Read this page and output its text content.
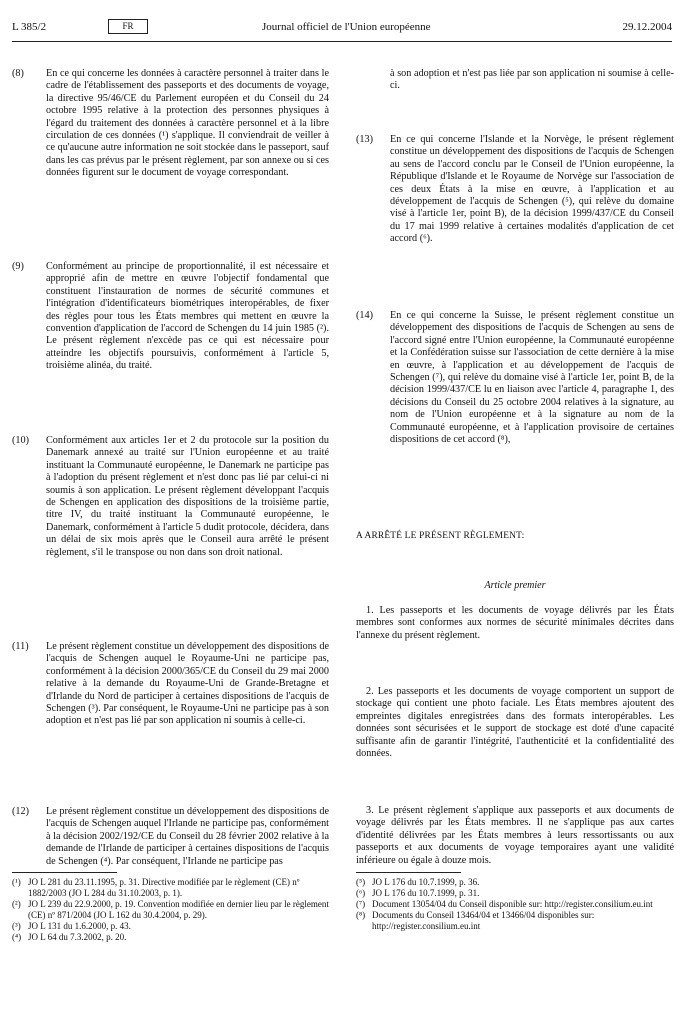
L 385/2	FR	Journal officiel de l'Union européenne	29.12.2004
(8) En ce qui concerne les données à caractère personnel à traiter dans le cadre de l'établissement des passeports et des documents de voyage, la directive 95/46/CE du Parlement européen et du Conseil du 24 octobre 1995 relative à la protection des personnes physiques à l'égard du traitement des données à caractère personnel et à la libre circulation de ces données (¹) s'applique. Il conviendrait de veiller à ce qu'aucune autre information ne soit stockée dans le passeport, sauf dans les cas prévus par le présent règlement, par son annexe ou si ces données figurent sur le document de voyage correspondant.
(9) Conformément au principe de proportionnalité, il est nécessaire et approprié afin de mettre en œuvre l'objectif fondamental que constituent l'instauration de normes de sécurité communes et l'intégration d'identificateurs biométriques interopérables, de fixer des règles pour tous les États membres qui mettent en œuvre la convention d'application de l'accord de Schengen du 14 juin 1985 (²). Le présent règlement n'excède pas ce qui est nécessaire pour atteindre les objectifs poursuivis, conformément à l'article 5, troisième alinéa, du traité.
(10) Conformément aux articles 1er et 2 du protocole sur la position du Danemark annexé au traité sur l'Union européenne et au traité instituant la Communauté européenne, le Danemark ne participe pas à l'adoption du présent règlement et n'est donc pas lié par celui-ci ni soumis à son application. Le présent règlement développant l'acquis de Schengen en application des dispositions de la troisième partie, titre IV, du traité instituant la Communauté européenne, le Danemark, conformément à l'article 5 dudit protocole, décidera, dans un délai de six mois après que le Conseil aura arrêté le présent règlement, s'il le transpose ou non dans son droit national.
(11) Le présent règlement constitue un développement des dispositions de l'acquis de Schengen auquel le Royaume-Uni ne participe pas, conformément à la décision 2000/365/CE du Conseil du 29 mai 2000 relative à la demande du Royaume-Uni de Grande-Bretagne et d'Irlande du Nord de participer à certaines dispositions de l'acquis de Schengen (³). Par conséquent, le Royaume-Uni ne participe pas à son adoption et n'est pas lié par son application ni soumis à celle-ci.
(12) Le présent règlement constitue un développement des dispositions de l'acquis de Schengen auquel l'Irlande ne participe pas, conformément à la décision 2002/192/CE du Conseil du 28 février 2002 relative à la demande de l'Irlande de participer à certaines dispositions de l'acquis de Schengen (⁴). Par conséquent, l'Irlande ne participe pas
à son adoption et n'est pas liée par son application ni soumise à celle-ci.
(13) En ce qui concerne l'Islande et la Norvège, le présent règlement constitue un développement des dispositions de l'acquis de Schengen au sens de l'accord conclu par le Conseil de l'Union européenne, la République d'Islande et le Royaume de Norvège sur l'association de ces deux États à la mise en œuvre, à l'application et au développement de l'acquis de Schengen (⁵), qui relève du domaine visé à l'article 1er, point B), de la décision 1999/437/CE du Conseil du 17 mai 1999 relative à certaines modalités d'application de cet accord (⁶).
(14) En ce qui concerne la Suisse, le présent règlement constitue un développement des dispositions de l'acquis de Schengen au sens de l'accord signé entre l'Union européenne, la Communauté européenne et la Confédération suisse sur l'association de cette dernière à la mise en œuvre, à l'application et au développement de l'acquis de Schengen (⁷), qui relève du domaine visé à l'article 1er, point B, de la décision 1999/437/CE lu en liaison avec l'article 4, paragraphe 1, des décisions du Conseil du 25 octobre 2004 relatives à la signature, au nom de l'Union européenne et à la signature au nom de la Communauté européenne, et à l'application provisoire de certaines dispositions de cet accord (⁸),
A ARRÊTÉ LE PRÉSENT RÈGLEMENT:
Article premier
1. Les passeports et les documents de voyage délivrés par les États membres sont conformes aux normes de sécurité minimales décrites dans l'annexe du présent règlement.
2. Les passeports et les documents de voyage comportent un support de stockage qui contient une photo faciale. Les États membres ajoutent des empreintes digitales enregistrées dans des formats interopérables. Les données sont sécurisées et le support de stockage est doté d'une capacité suffisante afin de garantir l'intégrité, l'authenticité et la confidentialité des données.
3. Le présent règlement s'applique aux passeports et aux documents de voyage délivrés par les États membres. Il ne s'applique pas aux cartes d'identité délivrées par les États membres à leurs ressortissants ou aux passeports et aux documents de voyage temporaires ayant une validité inférieure ou égale à douze mois.
(¹) JO L 281 du 23.11.1995, p. 31. Directive modifiée par le règlement (CE) nº 1882/2003 (JO L 284 du 31.10.2003, p. 1).
(²) JO L 239 du 22.9.2000, p. 19. Convention modifiée en dernier lieu par le règlement (CE) nº 871/2004 (JO L 162 du 30.4.2004, p. 29).
(³) JO L 131 du 1.6.2000, p. 43.
(⁴) JO L 64 du 7.3.2002, p. 20.
(⁵) JO L 176 du 10.7.1999, p. 36.
(⁶) JO L 176 du 10.7.1999, p. 31.
(⁷) Document 13054/04 du Conseil disponible sur: http://register.consilium.eu.int
(⁸) Documents du Conseil 13464/04 et 13466/04 disponibles sur: http://register.consilium.eu.int
